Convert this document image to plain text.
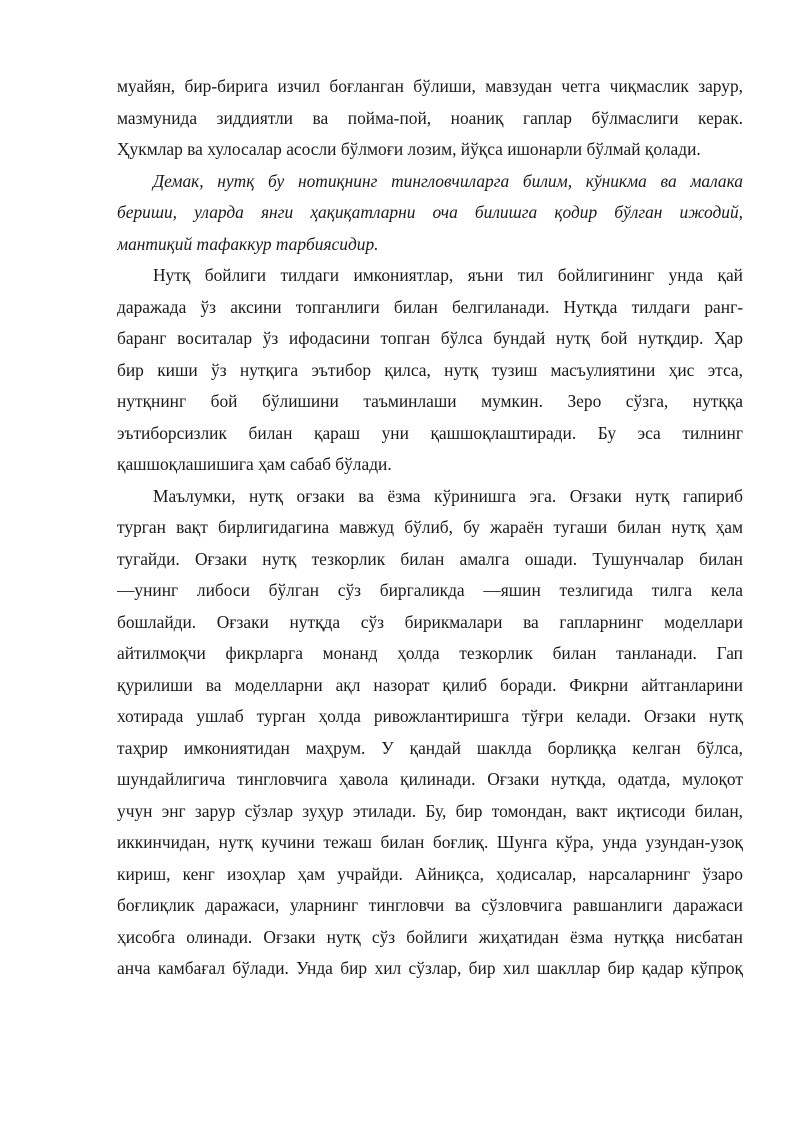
муайян, бир-бирига изчил боғланган бўлиши, мавзудан четга чиқмаслик зарур,
мазмунида зиддиятли ва пойма-пой, ноаниқ гаплар бўлмаслиги керак.
Ҳукмлар ва хулосалар асосли бўлмоғи лозим, йўқса ишонарли бўлмай қолади.
Демак, нутқ бу нотиқнинг тингловчиларга билим, кўникма ва малака
бериши, уларда янги ҳақиқатларни оча билишга қодир бўлган ижодий,
мантиқий тафаккур тарбиясидир.
Нутқ бойлиги тилдаги имкониятлар, яъни тил бойлигининг унда қай
даражада ўз аксини топганлиги билан белгиланади. Нутқда тилдаги ранг-
баранг воситалар ўз ифодасини топган бўлса бундай нутқ бой нутқдир. Ҳар
бир киши ўз нутқига эътибор қилса, нутқ тузиш масъулиятини ҳис этса,
нутқнинг бой бўлишини таъминлаши мумкин. Зеро сўзга, нутққа
эътиборсизлик билан қараш уни қашшоқлаштиради. Бу эса тилнинг
қашшоқлашишига ҳам сабаб бўлади.
Маълумки, нутқ оғзаки ва ёзма кўринишга эга. Оғзаки нутқ гапириб
турган вақт бирлигидагина мавжуд бўлиб, бу жараён тугаши билан нутқ ҳам
тугайди. Оғзаки нутқ тезкорлик билан амалга ошади. Тушунчалар билан
—унинг либоси бўлган сўз биргаликда —яшин тезлигида тилга кела
бошлайди. Оғзаки нутқда сўз бирикмалари ва гапларнинг моделлари
айтилмоқчи фикрларга монанд ҳолда тезкорлик билан танланади. Гап
қурилиши ва моделларни ақл назорат қилиб боради. Фикрни айтганларини
хотирада ушлаб турган ҳолда ривожлантиришга тўғри келади. Оғзаки нутқ
таҳрир имкониятидан маҳрум. У қандай шаклда борлиққа келган бўлса,
шундайлигича тингловчига ҳавола қилинади. Оғзаки нутқда, одатда, мулоқот
учун энг зарур сўзлар зуҳур этилади. Бу, бир томондан, вакт иқтисоди билан,
иккинчидан, нутқ кучини тежаш билан боғлиқ. Шунга кўра, унда узундан-узоқ
кириш, кенг изоҳлар ҳам учрайди. Айниқса, ҳодисалар, нарсаларнинг ўзаро
боғлиқлик даражаси, уларнинг тингловчи ва сўзловчига равшанлиги даражаси
ҳисобга олинади. Оғзаки нутқ сўз бойлиги жиҳатидан ёзма нутққа нисбатан
анча камбағал бўлади. Унда бир хил сўзлар, бир хил шакллар бир қадар кўпроқ
